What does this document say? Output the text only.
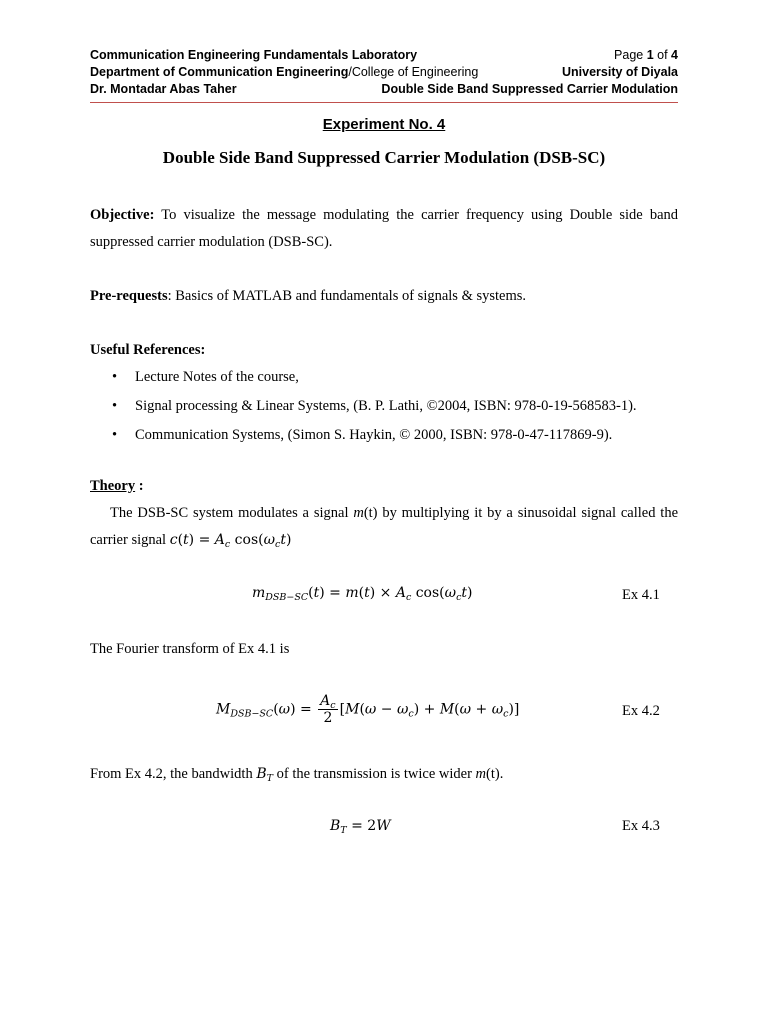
Communication Engineering Fundamentals Laboratory	Page 1 of 4
Department of Communication Engineering/College of Engineering	University of Diyala
Dr. Montadar Abas Taher	Double Side Band Suppressed Carrier Modulation
Experiment No. 4
Double Side Band Suppressed Carrier Modulation (DSB-SC)
Objective: To visualize the message modulating the carrier frequency using Double side band suppressed carrier modulation (DSB-SC).
Pre-requests: Basics of MATLAB and fundamentals of signals & systems.
Useful References:
• Lecture Notes of the course,
• Signal processing & Linear Systems, (B. P. Lathi, ©2004, ISBN: 978-0-19-568583-1).
• Communication Systems, (Simon S. Haykin, © 2000, ISBN: 978-0-47-117869-9).
Theory :
The DSB-SC system modulates a signal m(t) by multiplying it by a sinusoidal signal called the carrier signal $c(t) = A_c$ $\cos(\omega_ct)$
$m_{DSB-SC}(t) = m(t) \times A_c$ $\cos(\omega_ct)$	Ex 4.1
The Fourier transform of Ex 4.1 is
$M_{DSB-SC}(\omega) = \frac{A_c}{2} [M(\omega - \omega_c) + M(\omega + \omega_c)]$	Ex 4.2
From Ex 4.2, the bandwidth $B_T$ of the transmission is twice wider m(t).
$B_T = 2W$	Ex 4.3
